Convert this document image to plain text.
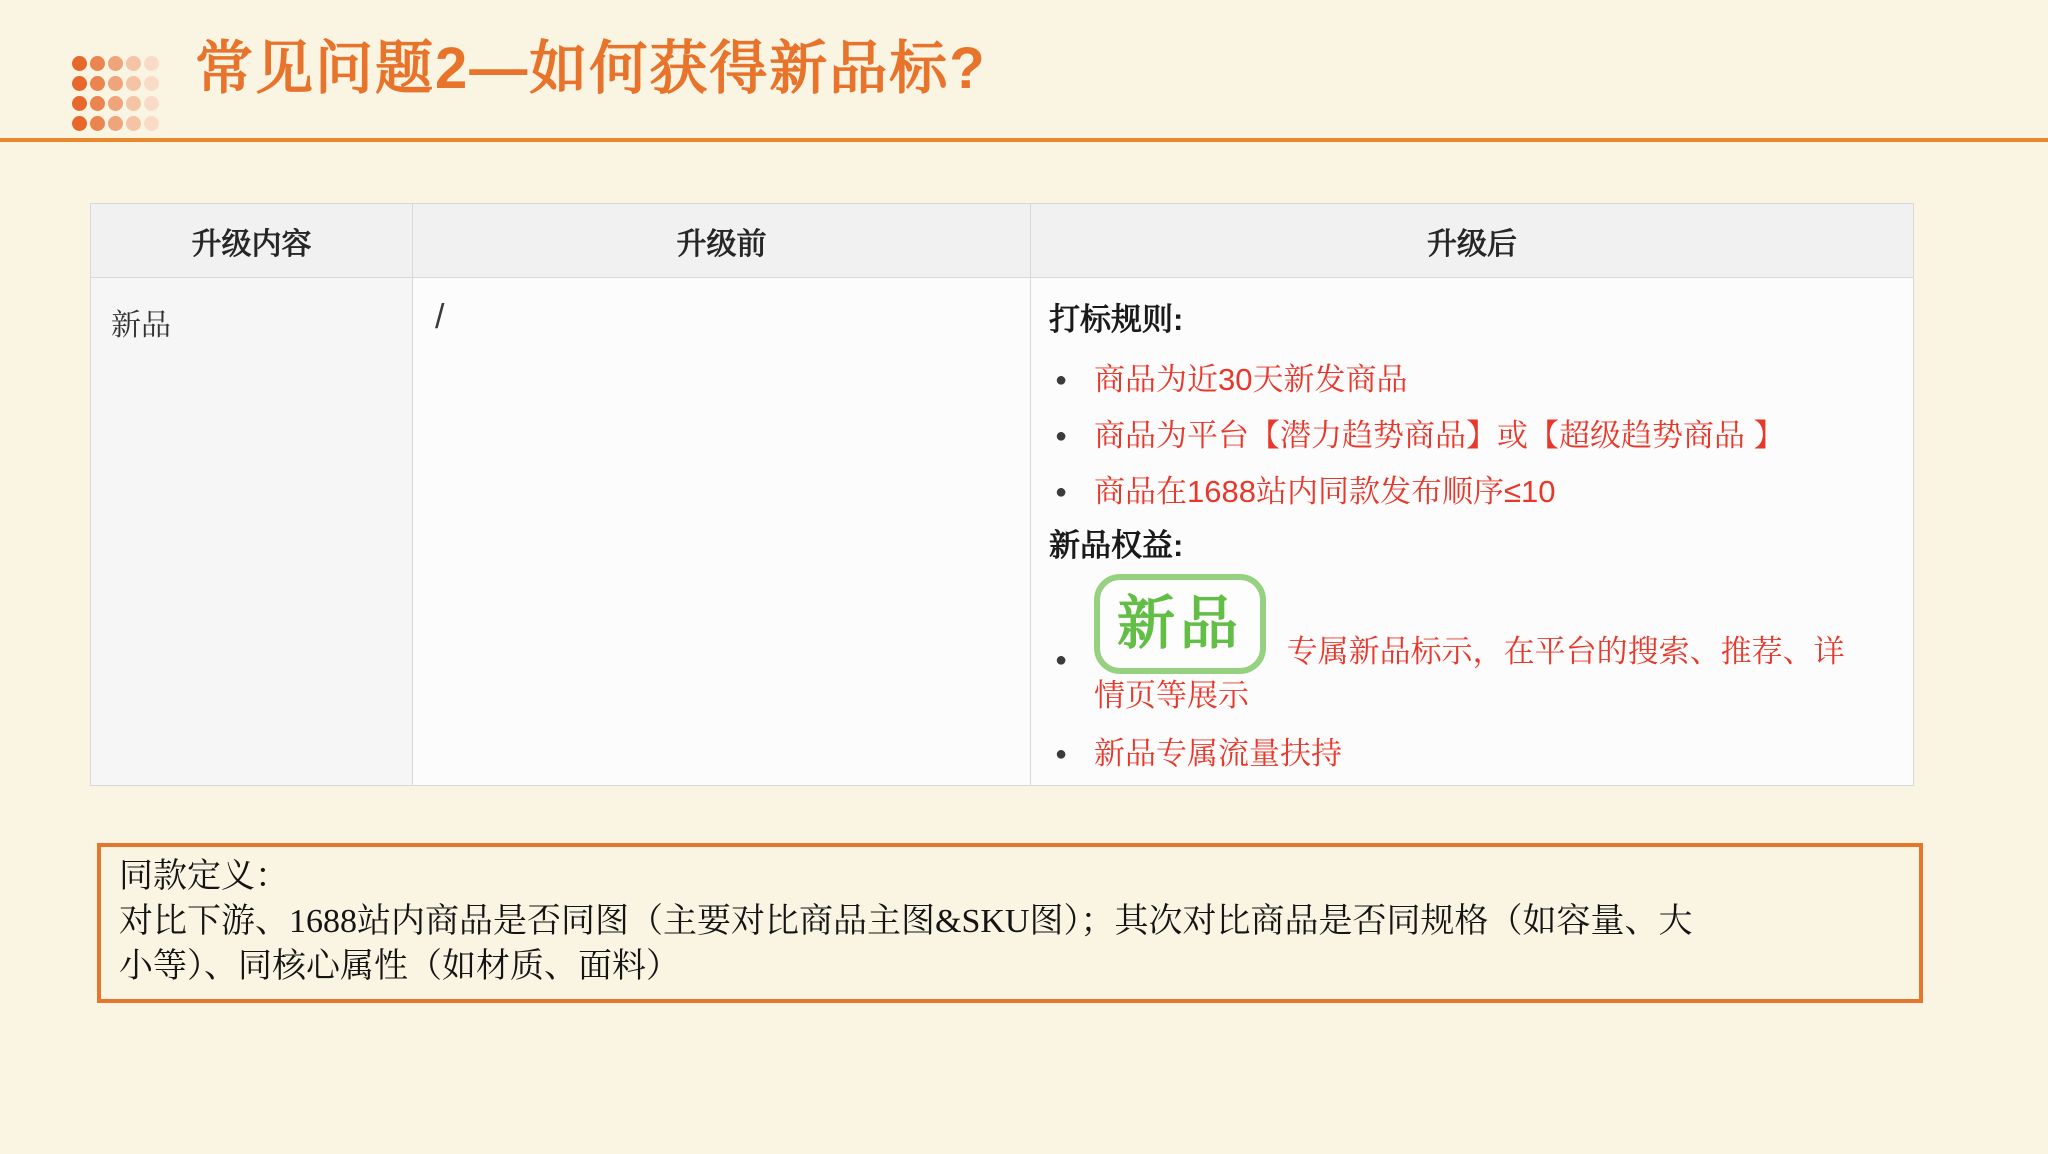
常见问题2—如何获得新品标?
升级内容	升级前	升级后
新品	/	打标规则:
● 商品为近30天新发商品
● 商品为平台【潜力趋势商品】或【超级趋势商品 】
● 商品在1688站内同款发布顺序≤10
新品权益:
●
新品 专属新品标示，在平台的搜索、推荐、详
情页等展示
● 新品专属流量扶持
同款定义：
对比下游、1688站内商品是否同图（主要对比商品主图&SKU图）；其次对比商品是否同规格（如容量、大
小等）、同核心属性（如材质、面料）
